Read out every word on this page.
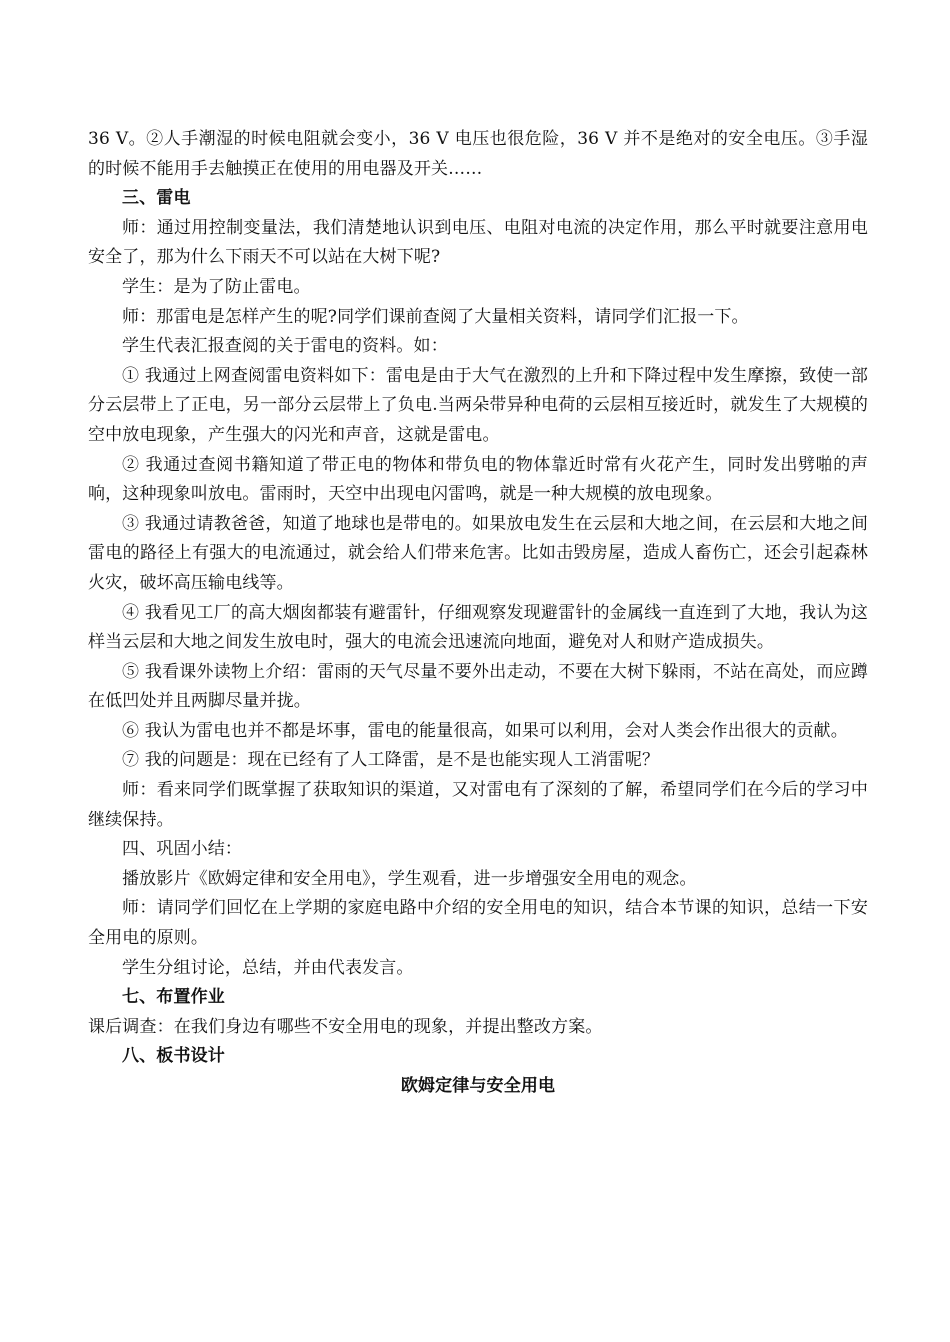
36 V。②人手潮湿的时候电阻就会变小，36 V 电压也很危险，36 V 并不是绝对的安全电压。③手湿的时候不能用手去触摸正在使用的用电器及开关……

三、雷电

师：通过用控制变量法，我们清楚地认识到电压、电阻对电流的决定作用，那么平时就要注意用电安全了，那为什么下雨天不可以站在大树下呢?

学生：是为了防止雷电。

师：那雷电是怎样产生的呢?同学们课前查阅了大量相关资料，请同学们汇报一下。

学生代表汇报查阅的关于雷电的资料。如：

① 我通过上网查阅雷电资料如下：雷电是由于大气在激烈的上升和下降过程中发生摩擦，致使一部分云层带上了正电，另一部分云层带上了负电.当两朵带异种电荷的云层相互接近时，就发生了大规模的空中放电现象，产生强大的闪光和声音，这就是雷电。

② 我通过查阅书籍知道了带正电的物体和带负电的物体靠近时常有火花产生，同时发出劈啪的声响，这种现象叫放电。雷雨时，天空中出现电闪雷鸣，就是一种大规模的放电现象。

③ 我通过请教爸爸，知道了地球也是带电的。如果放电发生在云层和大地之间，在云层和大地之间雷电的路径上有强大的电流通过，就会给人们带来危害。比如击毁房屋，造成人畜伤亡，还会引起森林火灾，破坏高压输电线等。

④ 我看见工厂的高大烟囱都装有避雷针，仔细观察发现避雷针的金属线一直连到了大地，我认为这样当云层和大地之间发生放电时，强大的电流会迅速流向地面，避免对人和财产造成损失。

⑤ 我看课外读物上介绍：雷雨的天气尽量不要外出走动，不要在大树下躲雨，不站在高处，而应蹲在低凹处并且两脚尽量并拢。

⑥ 我认为雷电也并不都是坏事，雷电的能量很高，如果可以利用，会对人类会作出很大的贡献。

⑦ 我的问题是：现在已经有了人工降雷，是不是也能实现人工消雷呢？

师：看来同学们既掌握了获取知识的渠道，又对雷电有了深刻的了解，希望同学们在今后的学习中继续保持。

四、巩固小结：

播放影片《欧姆定律和安全用电》，学生观看，进一步增强安全用电的观念。

师：请同学们回忆在上学期的家庭电路中介绍的安全用电的知识，结合本节课的知识，总结一下安全用电的原则。

学生分组讨论，总结，并由代表发言。

七、布置作业

课后调查：在我们身边有哪些不安全用电的现象，并提出整改方案。

八、板书设计

欧姆定律与安全用电
